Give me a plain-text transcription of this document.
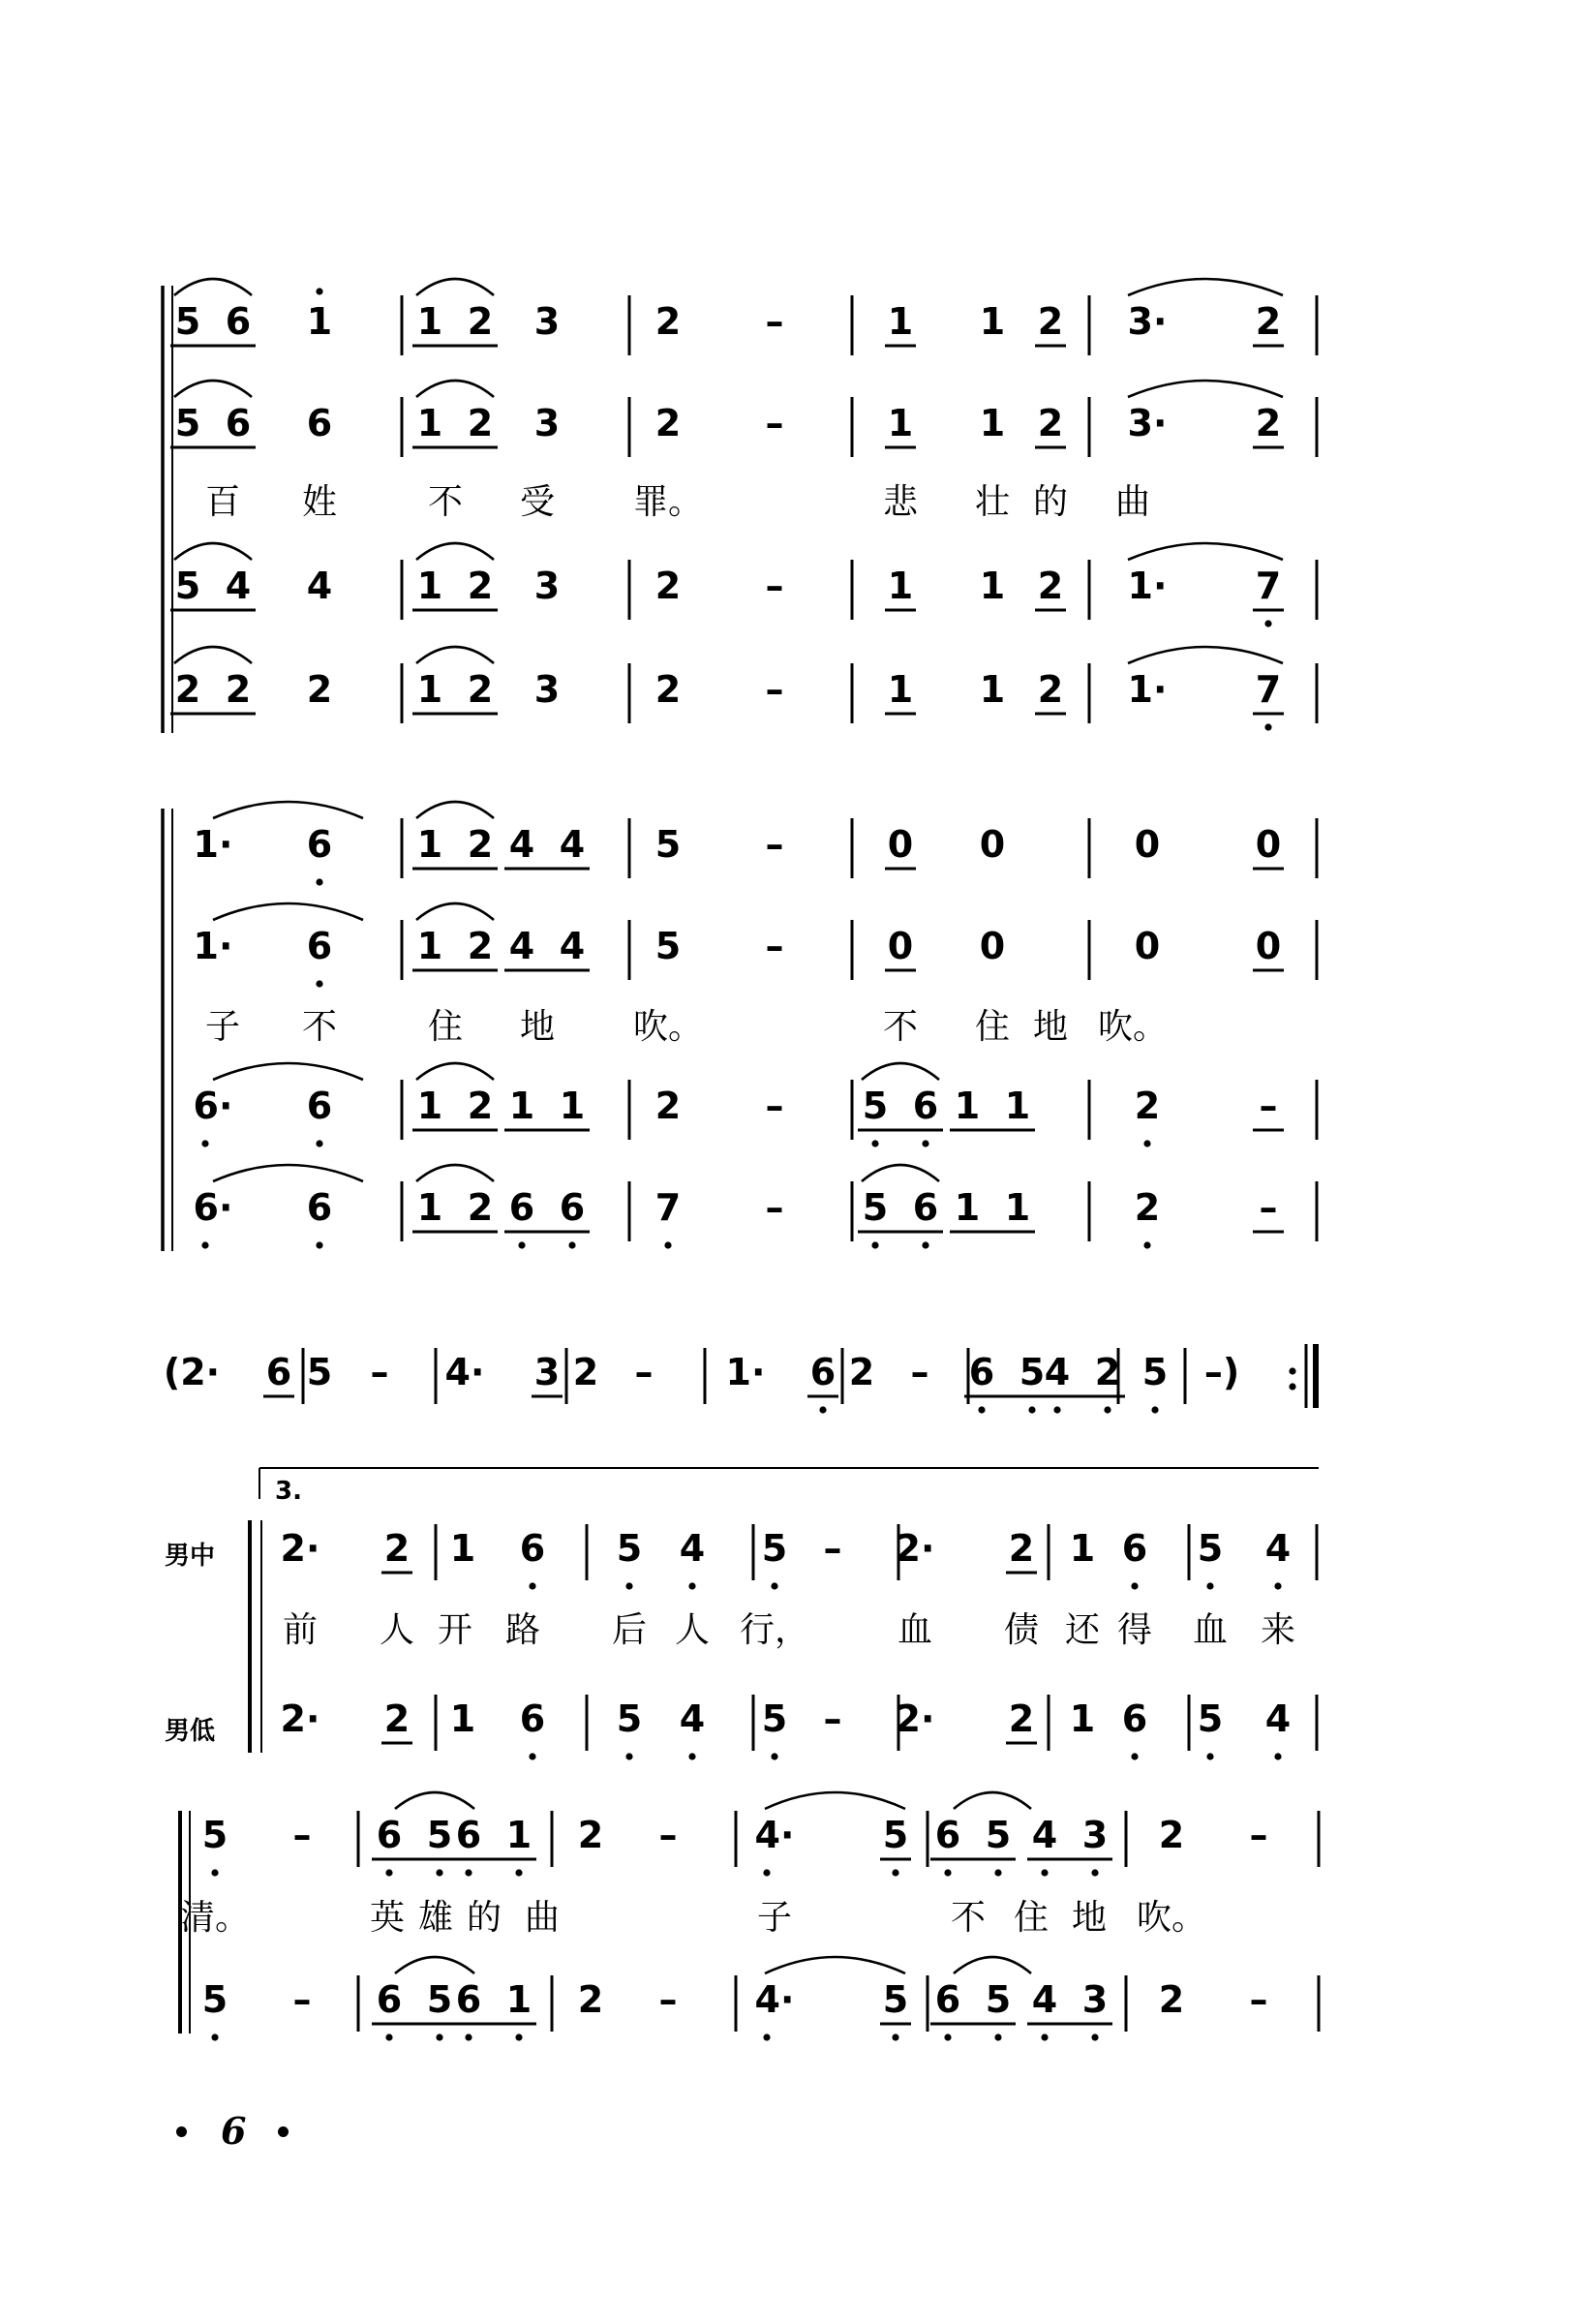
5 6 1 1 2 3	2 –	1 1 2 3· 2
5 6 6 1 2 3	2 –	1 1 2 3· 2
百 姓	不 受 罪。	悲 壮 的 曲
5 4 4 1 2 3	2 –	1 1 2 1· 7
2 2 2 1 2 3	2 –	1 1 2 1· 7
1· 6 1 2 4 4 5 –	0 0	0	0
1· 6 1 2 4 4 5 –	0 0	0	0
子 不	住 地 吹。	不 住 地 吹。
6· 6 1 2 1 1 2 – 5 6 1 1	2	–
6· 6 1 2 6 6 7 – 5 6 1 1	2	–
(2· 6 5 – 4· 3 2 – 1· 6 2 – 6 5 4 2 5 –)
3.
2· 2 1 6 5 4 5 – 2· 2 1 6 5 4
前 人 开 路 后 人 行，	血 债 还 得 血 来
2· 2 1 6 5 4 5 – 2· 2 1 6 5 4
5 – 6 5 6 1 2 – 4· 5 6 5 4 3 2 –
清。	英 雄 的 曲	子	不 住 地 吹。
5 – 6 5 6 1 2 – 4· 5 6 5 4 3 2 –
男中
男低
6
